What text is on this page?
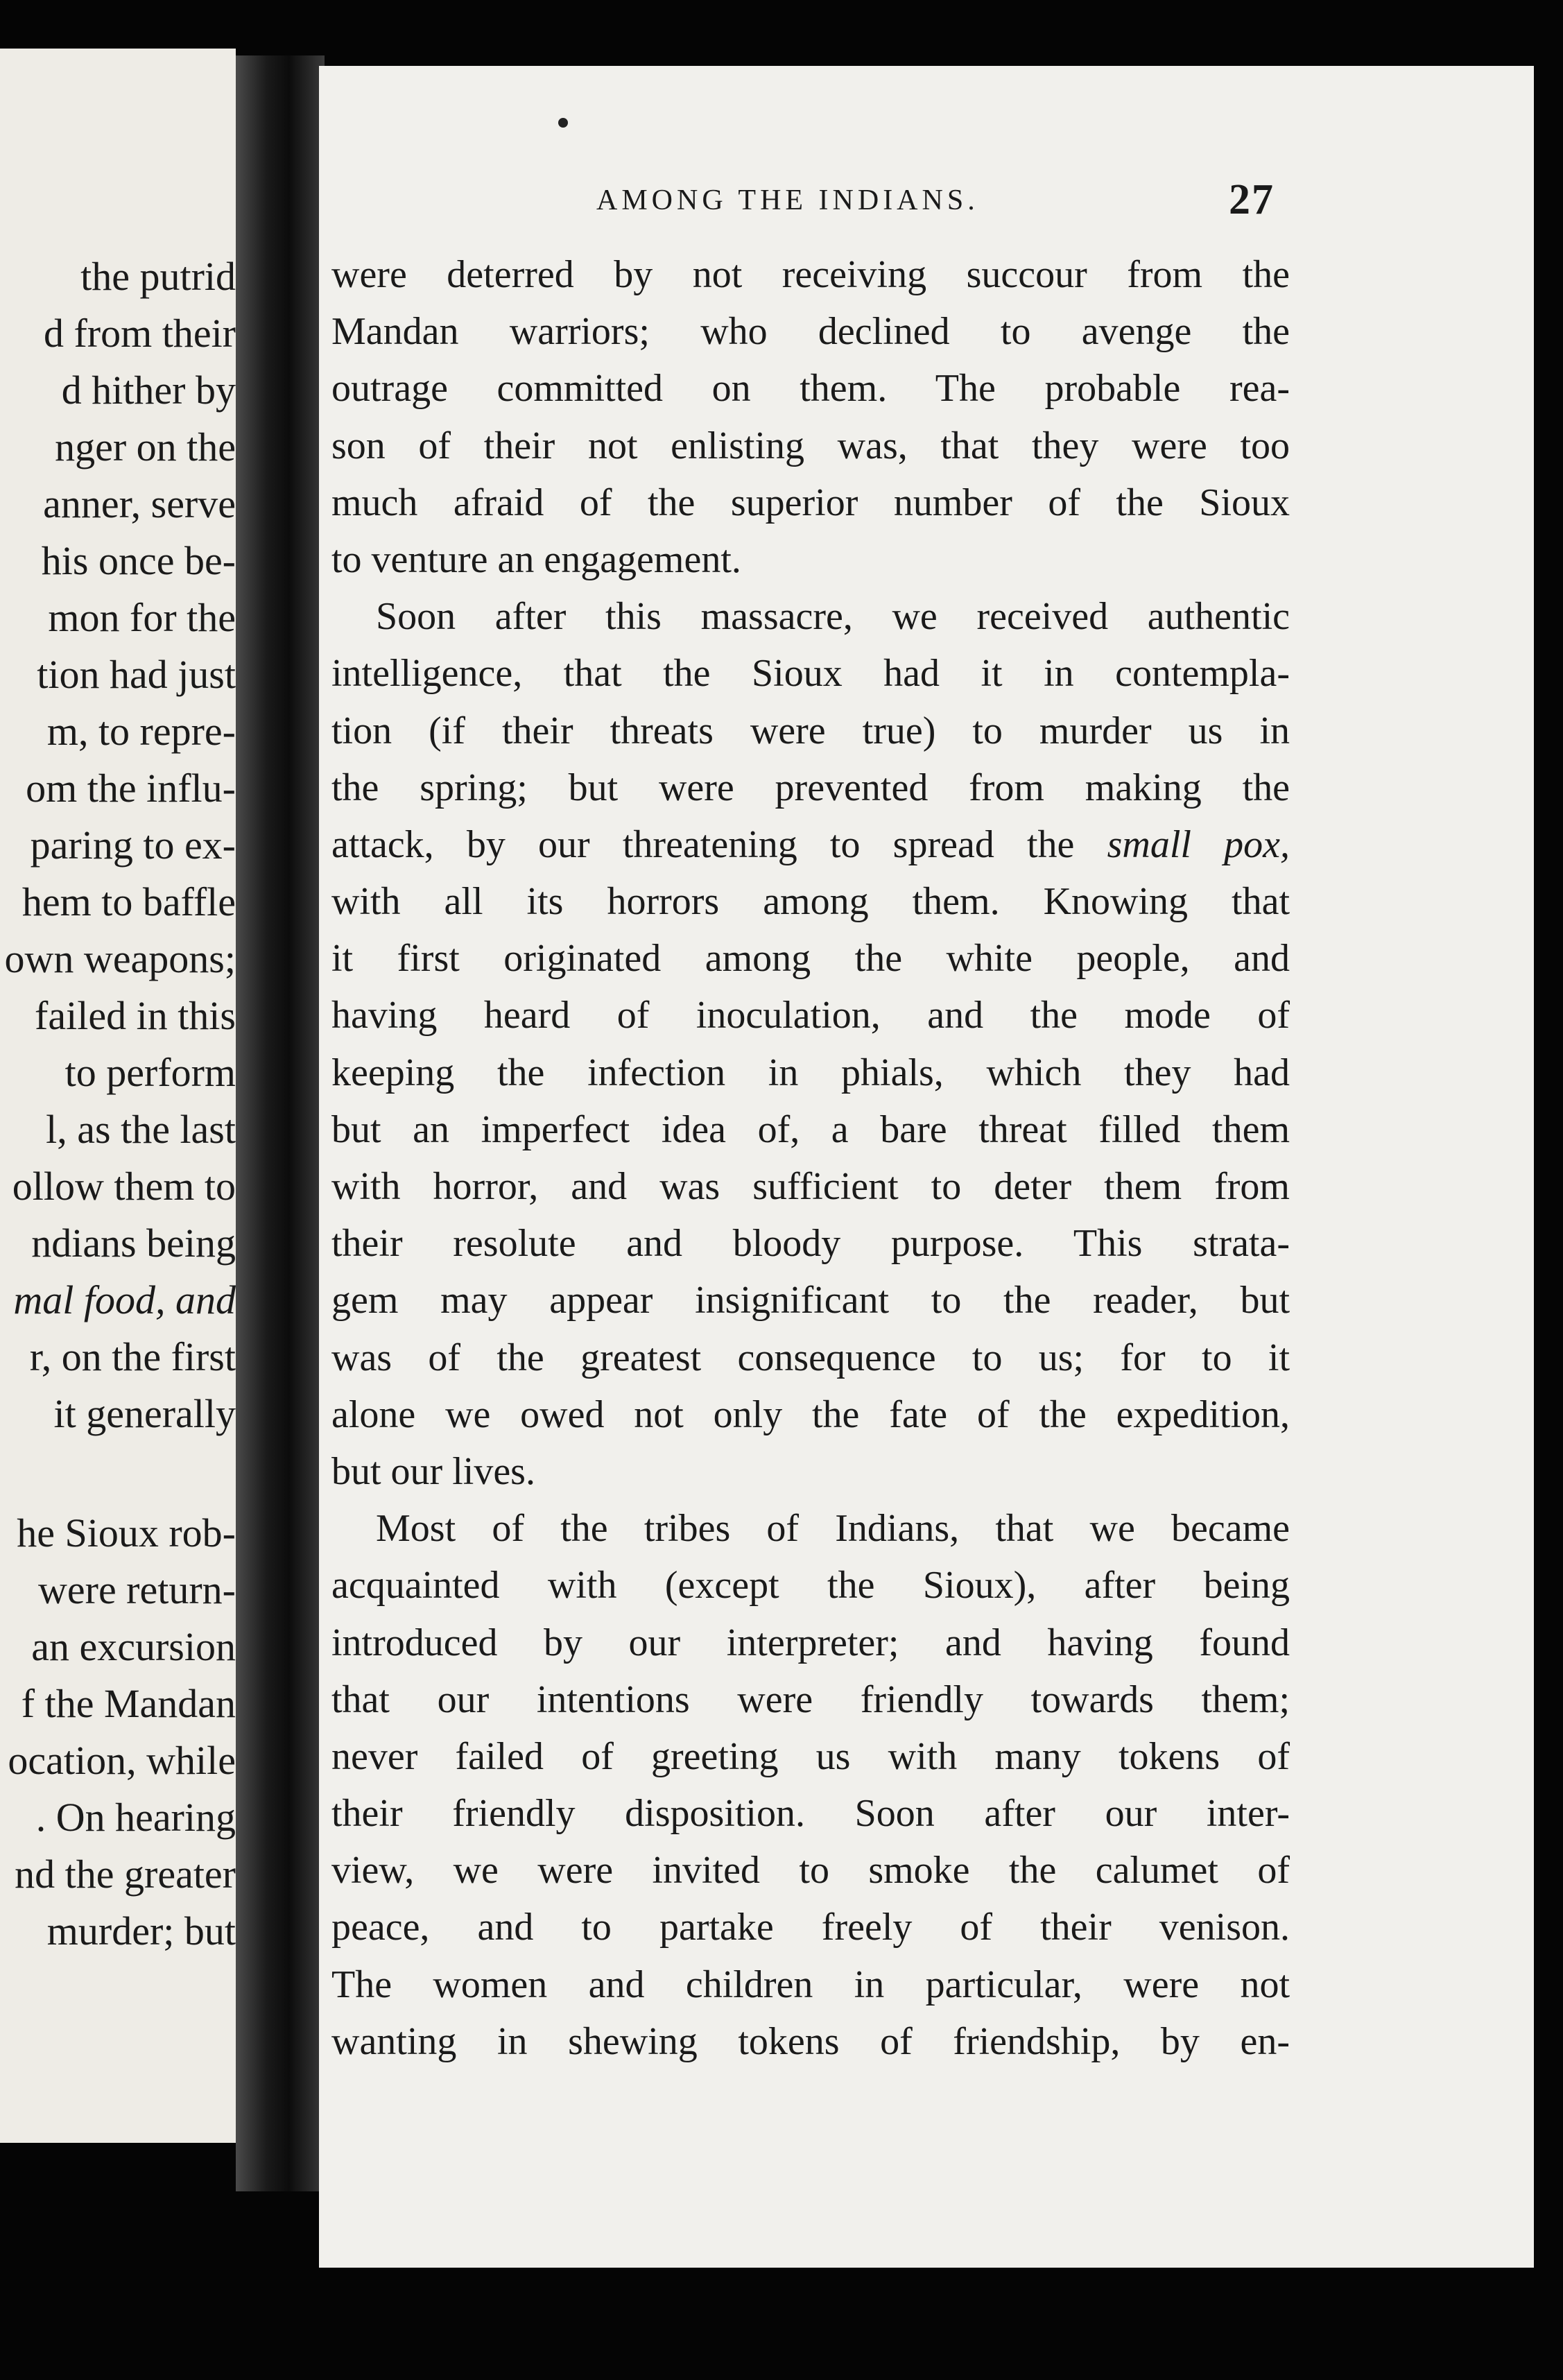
the putrid
d from their
d hither by
nger on the
anner, serve
his once be-
mon for the
tion had just
m, to repre-
om the influ-
paring to ex-
hem to baffle
own weapons;
failed in this
to perform
l, as the last
ollow them to
ndians being
mal food, and
r, on the first
it generally
he Sioux rob-
were return-
an excursion
f the Mandan
ocation, while
. On hearing
nd the greater
murder; but
AMONG THE INDIANS.	27
were deterred by not receiving succour from the
Mandan warriors; who declined to avenge the
outrage committed on them. The probable rea-
son of their not enlisting was, that they were too
much afraid of the superior number of the Sioux
to venture an engagement.
Soon after this massacre, we received authentic
intelligence, that the Sioux had it in contempla-
tion (if their threats were true) to murder us in
the spring; but were prevented from making the
attack, by our threatening to spread the small pox,
with all its horrors among them. Knowing that
it first originated among the white people, and
having heard of inoculation, and the mode of
keeping the infection in phials, which they had
but an imperfect idea of, a bare threat filled them
with horror, and was sufficient to deter them from
their resolute and bloody purpose. This strata-
gem may appear insignificant to the reader, but
was of the greatest consequence to us; for to it
alone we owed not only the fate of the expedition,
but our lives.
Most of the tribes of Indians, that we became
acquainted with (except the Sioux), after being
introduced by our interpreter; and having found
that our intentions were friendly towards them;
never failed of greeting us with many tokens of
their friendly disposition. Soon after our inter-
view, we were invited to smoke the calumet of
peace, and to partake freely of their venison.
The women and children in particular, were not
wanting in shewing tokens of friendship, by en-
